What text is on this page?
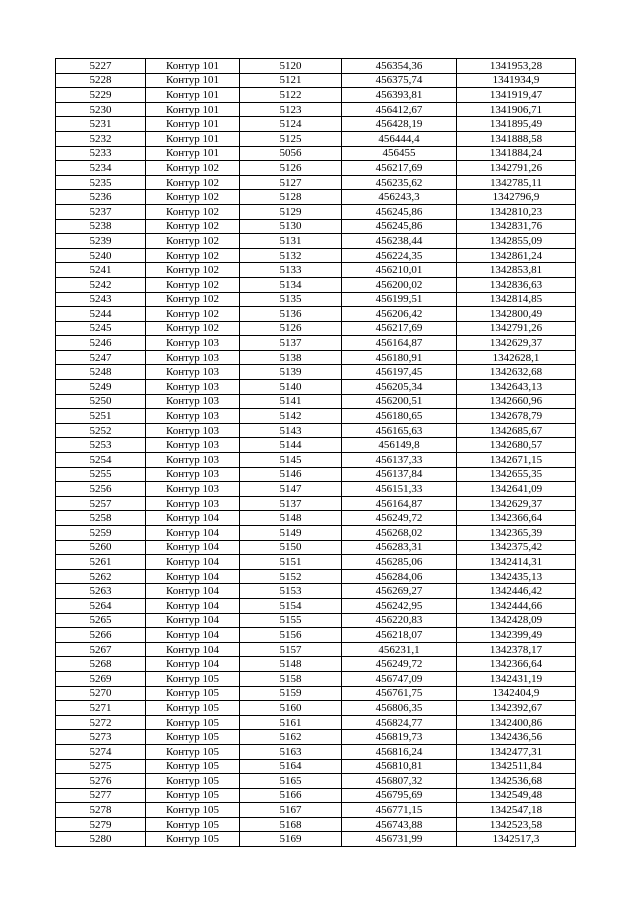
5227	Контур 101	5120	456354,36	1341953,28
5228	Контур 101	5121	456375,74	1341934,9
5229	Контур 101	5122	456393,81	1341919,47
5230	Контур 101	5123	456412,67	1341906,71
5231	Контур 101	5124	456428,19	1341895,49
5232	Контур 101	5125	456444,4	1341888,58
5233	Контур 101	5056	456455	1341884,24
5234	Контур 102	5126	456217,69	1342791,26
5235	Контур 102	5127	456235,62	1342785,11
5236	Контур 102	5128	456243,3	1342796,9
5237	Контур 102	5129	456245,86	1342810,23
5238	Контур 102	5130	456245,86	1342831,76
5239	Контур 102	5131	456238,44	1342855,09
5240	Контур 102	5132	456224,35	1342861,24
5241	Контур 102	5133	456210,01	1342853,81
5242	Контур 102	5134	456200,02	1342836,63
5243	Контур 102	5135	456199,51	1342814,85
5244	Контур 102	5136	456206,42	1342800,49
5245	Контур 102	5126	456217,69	1342791,26
5246	Контур 103	5137	456164,87	1342629,37
5247	Контур 103	5138	456180,91	1342628,1
5248	Контур 103	5139	456197,45	1342632,68
5249	Контур 103	5140	456205,34	1342643,13
5250	Контур 103	5141	456200,51	1342660,96
5251	Контур 103	5142	456180,65	1342678,79
5252	Контур 103	5143	456165,63	1342685,67
5253	Контур 103	5144	456149,8	1342680,57
5254	Контур 103	5145	456137,33	1342671,15
5255	Контур 103	5146	456137,84	1342655,35
5256	Контур 103	5147	456151,33	1342641,09
5257	Контур 103	5137	456164,87	1342629,37
5258	Контур 104	5148	456249,72	1342366,64
5259	Контур 104	5149	456268,02	1342365,39
5260	Контур 104	5150	456283,31	1342375,42
5261	Контур 104	5151	456285,06	1342414,31
5262	Контур 104	5152	456284,06	1342435,13
5263	Контур 104	5153	456269,27	1342446,42
5264	Контур 104	5154	456242,95	1342444,66
5265	Контур 104	5155	456220,83	1342428,09
5266	Контур 104	5156	456218,07	1342399,49
5267	Контур 104	5157	456231,1	1342378,17
5268	Контур 104	5148	456249,72	1342366,64
5269	Контур 105	5158	456747,09	1342431,19
5270	Контур 105	5159	456761,75	1342404,9
5271	Контур 105	5160	456806,35	1342392,67
5272	Контур 105	5161	456824,77	1342400,86
5273	Контур 105	5162	456819,73	1342436,56
5274	Контур 105	5163	456816,24	1342477,31
5275	Контур 105	5164	456810,81	1342511,84
5276	Контур 105	5165	456807,32	1342536,68
5277	Контур 105	5166	456795,69	1342549,48
5278	Контур 105	5167	456771,15	1342547,18
5279	Контур 105	5168	456743,88	1342523,58
5280	Контур 105	5169	456731,99	1342517,3
